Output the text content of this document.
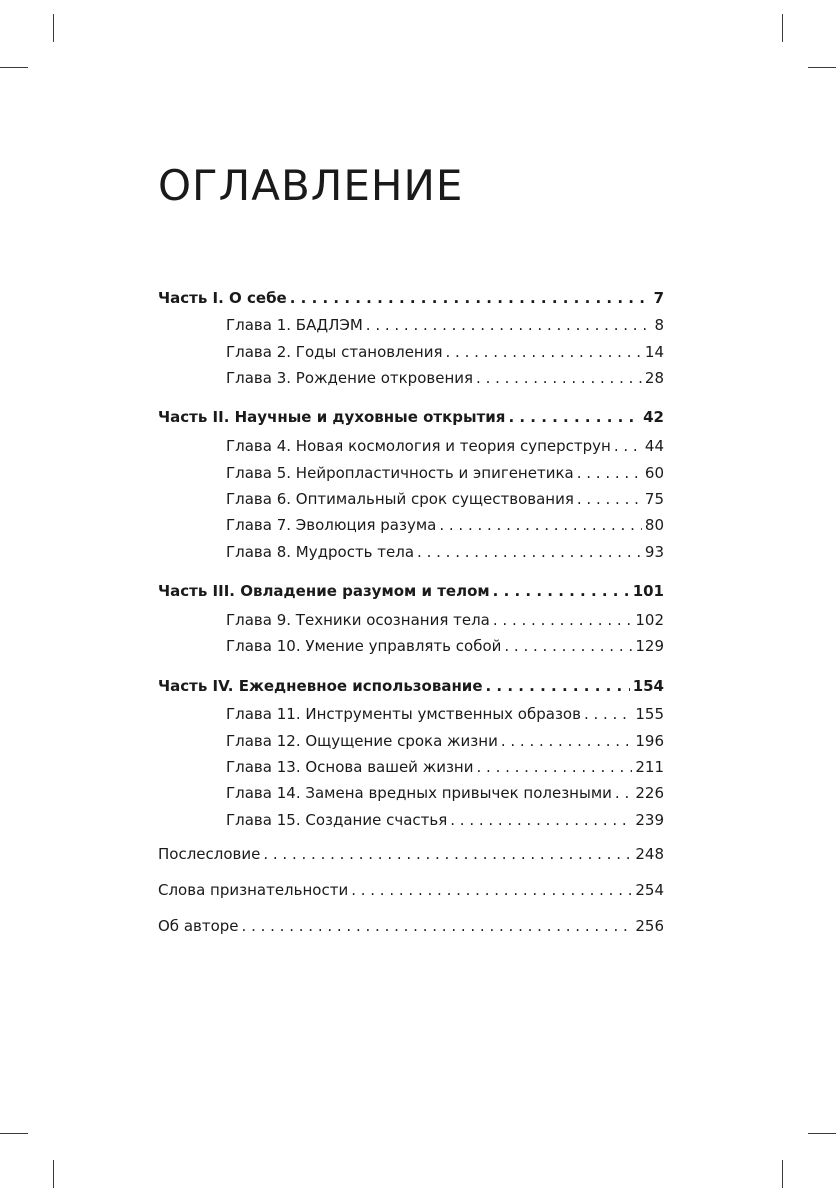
ОГЛАВЛЕНИЕ
Часть I. О себе . . .	7
Глава 1. БАДЛЭМ . . .	8
Глава 2. Годы становления . . .	14
Глава 3. Рождение откровения . . .	28
Часть II. Научные и духовные открытия . . .	42
Глава 4. Новая космология и теория суперструн . . . 44
Глава 5. Нейропластичность и эпигенетика . . .	60
Глава 6. Оптимальный срок существования . . .	75
Глава 7. Эволюция разума . . .	80
Глава 8. Мудрость тела . . .	93
Часть III. Овладение разумом и телом . . .	101
Глава 9. Техники осознания тела . . .	102
Глава 10. Умение управлять собой . . .	129
Часть IV. Ежедневное использование . . .	154
Глава 11. Инструменты умственных образов . . .	155
Глава 12. Ощущение срока жизни . . .	196
Глава 13. Основа вашей жизни . . .	211
Глава 14. Замена вредных привычек полезными . . . 226
Глава 15. Создание счастья . . .	239
Послесловие . . .	248
Слова признательности . . .	254
Об авторе . . .	256
